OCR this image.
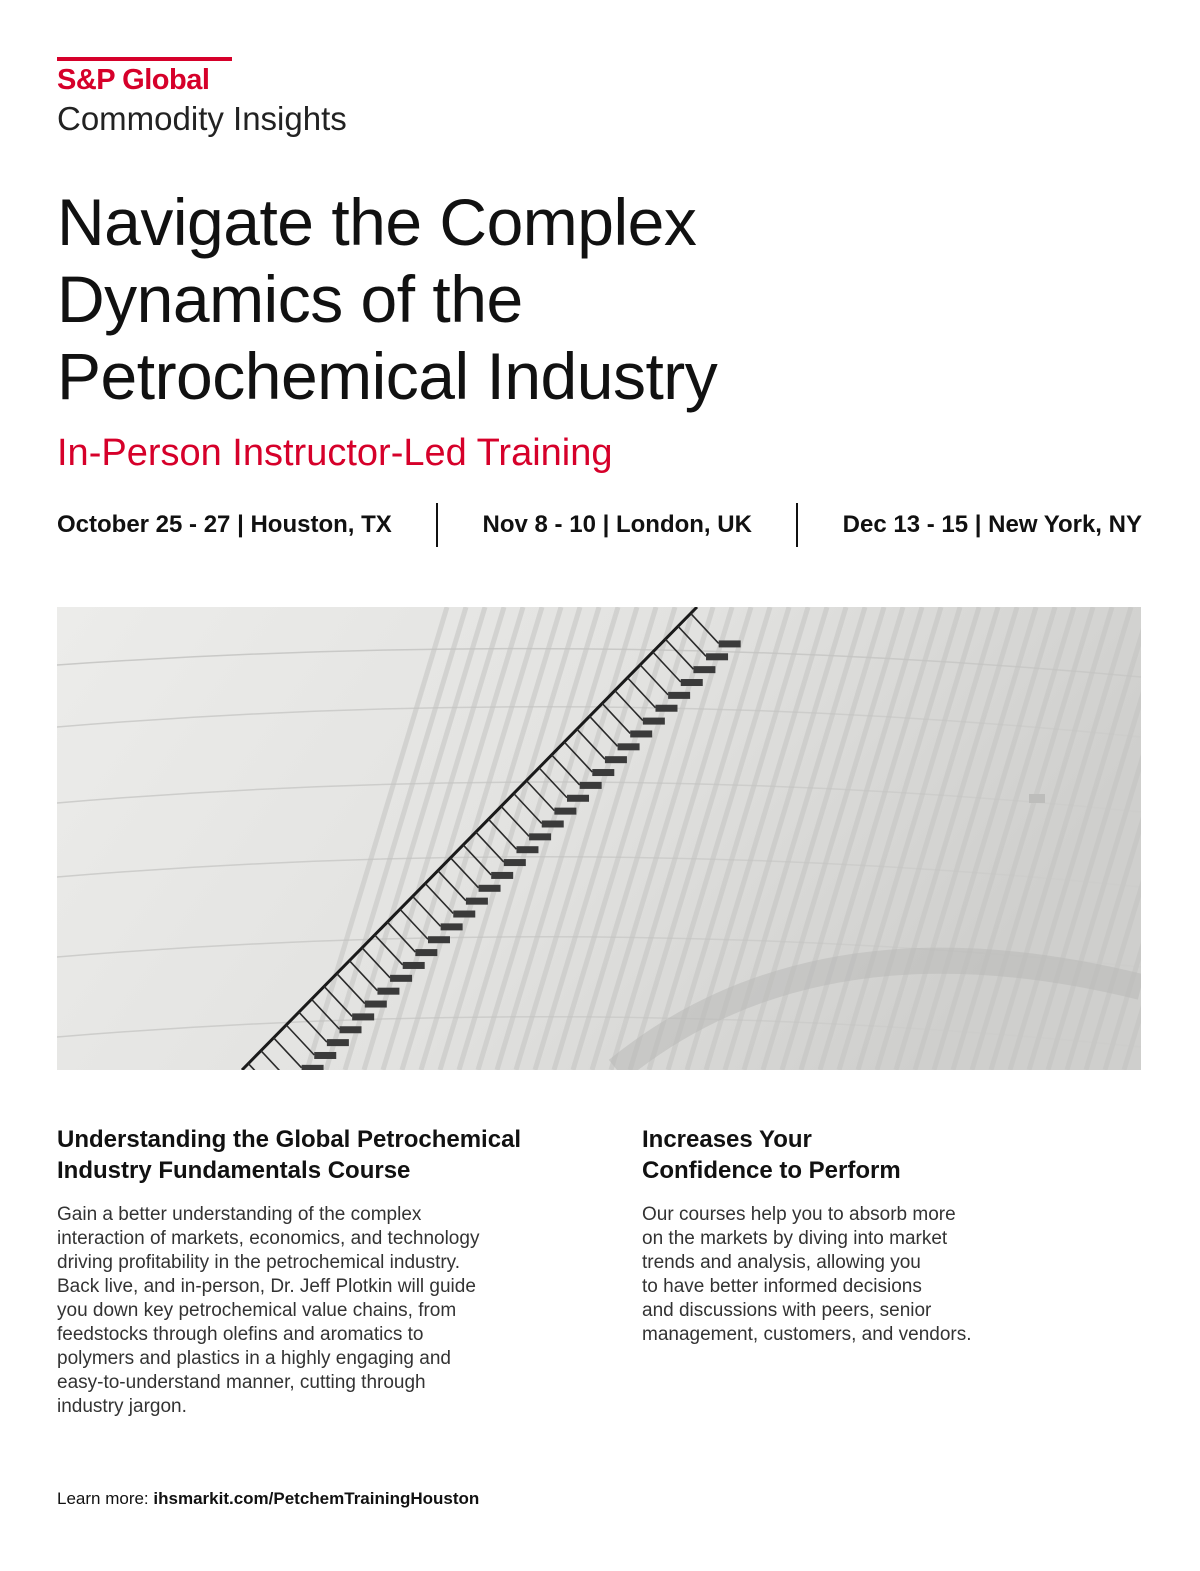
S&P Global
Commodity Insights
Navigate the Complex
Dynamics of the
Petrochemical Industry
In-Person Instructor-Led Training
October 25 - 27 | Houston, TX	Nov 8 - 10 | London, UK	Dec 13 - 15 | New York, NY
Understanding the Global Petrochemical
Industry Fundamentals Course
Gain a better understanding of the complex
interaction of markets, economics, and technology
driving profitability in the petrochemical industry.
Back live, and in-person, Dr. Jeff Plotkin will guide
you down key petrochemical value chains, from
feedstocks through olefins and aromatics to
polymers and plastics in a highly engaging and
easy-to-understand manner, cutting through
industry jargon.
Increases Your
Confidence to Perform
Our courses help you to absorb more
on the markets by diving into market
trends and analysis, allowing you
to have better informed decisions
and discussions with peers, senior
management, customers, and vendors.
Learn more: ihsmarkit.com/PetchemTrainingHouston
